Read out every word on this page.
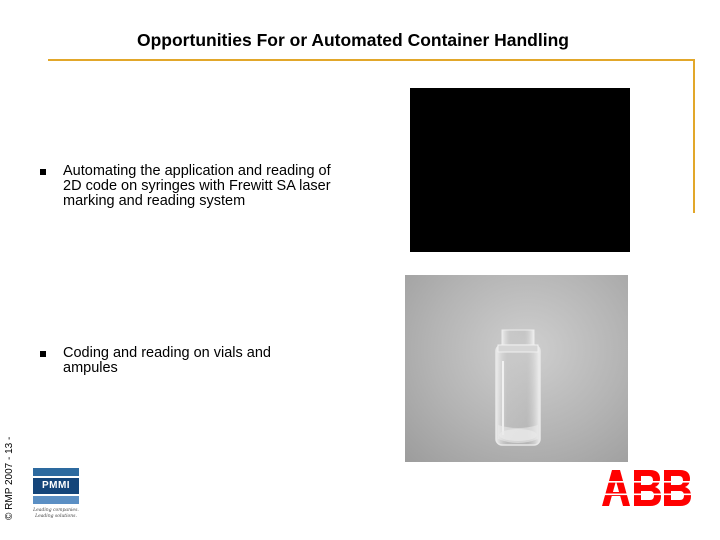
Opportunities For or Automated Container Handling
© RMP 2007 - 13 -
Automating the application and reading of 2D code on syringes with Frewitt SA laser marking and reading system
Coding and reading on vials and ampules
PMMI
Leading companies. Leading solutions.
